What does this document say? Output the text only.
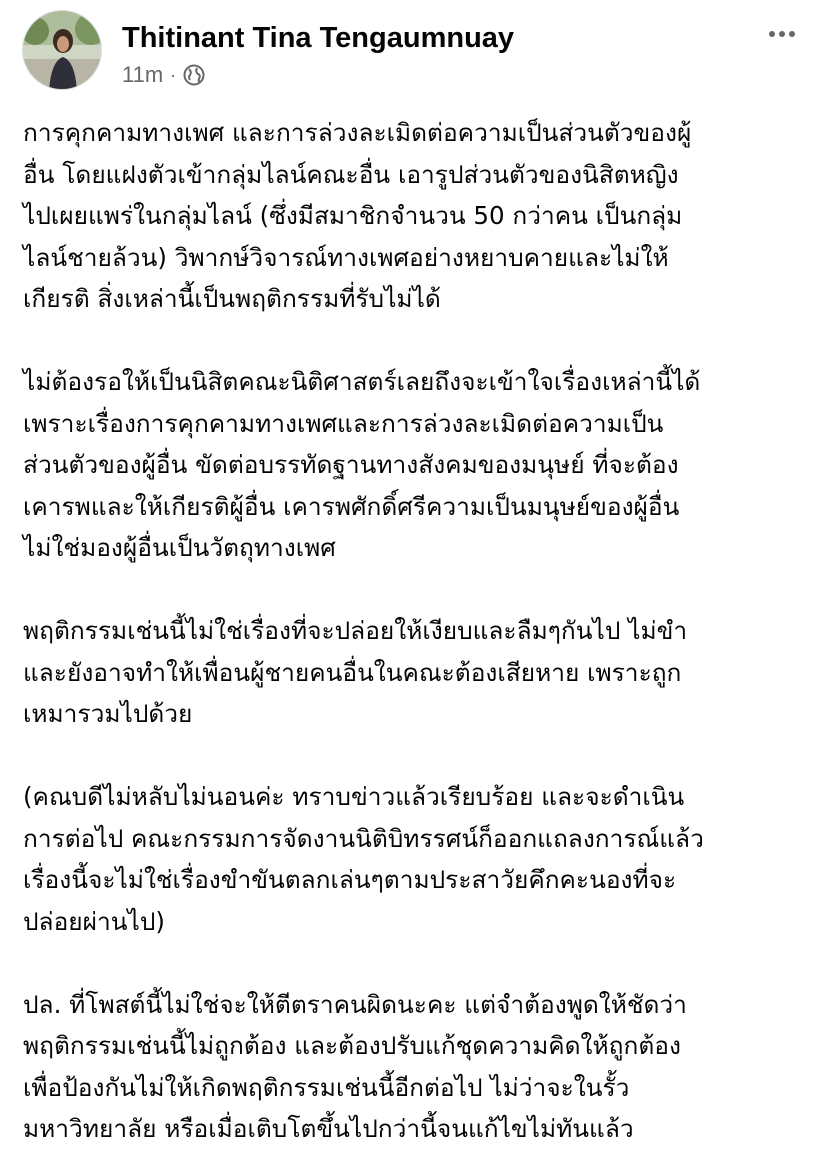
Thitinant Tina Tengaumnuay
11m ·

การคุกคามทางเพศ และการล่วงละเมิดต่อความเป็นส่วนตัวของผู้
อื่น โดยแฝงตัวเข้ากลุ่มไลน์คณะอื่น เอารูปส่วนตัวของนิสิตหญิง
ไปเผยแพร่ในกลุ่มไลน์ (ซึ่งมีสมาชิกจำนวน 50 กว่าคน เป็นกลุ่ม
ไลน์ชายล้วน) วิพากษ์วิจารณ์ทางเพศอย่างหยาบคายและไม่ให้
เกียรติ สิ่งเหล่านี้เป็นพฤติกรรมที่รับไม่ได้

ไม่ต้องรอให้เป็นนิสิตคณะนิติศาสตร์เลยถึงจะเข้าใจเรื่องเหล่านี้ได้
เพราะเรื่องการคุกคามทางเพศและการล่วงละเมิดต่อความเป็น
ส่วนตัวของผู้อื่น ขัดต่อบรรทัดฐานทางสังคมของมนุษย์ ที่จะต้อง
เคารพและให้เกียรติผู้อื่น เคารพศักดิ์ศรีความเป็นมนุษย์ของผู้อื่น
ไม่ใช่มองผู้อื่นเป็นวัตถุทางเพศ

พฤติกรรมเช่นนี้ไม่ใช่เรื่องที่จะปล่อยให้เงียบและลืมๆกันไป ไม่ขำ
และยังอาจทำให้เพื่อนผู้ชายคนอื่นในคณะต้องเสียหาย เพราะถูก
เหมารวมไปด้วย

(คณบดีไม่หลับไม่นอนค่ะ ทราบข่าวแล้วเรียบร้อย และจะดำเนิน
การต่อไป คณะกรรมการจัดงานนิติบิทรรศน์ก็ออกแถลงการณ์แล้ว
เรื่องนี้จะไม่ใช่เรื่องขำขันตลกเล่นๆตามประสาวัยคึกคะนองที่จะ
ปล่อยผ่านไป)

ปล. ที่โพสต์นี้ไม่ใช่จะให้ตีตราคนผิดนะคะ แต่จำต้องพูดให้ชัดว่า
พฤติกรรมเช่นนี้ไม่ถูกต้อง และต้องปรับแก้ชุดความคิดให้ถูกต้อง
เพื่อป้องกันไม่ให้เกิดพฤติกรรมเช่นนี้อีกต่อไป ไม่ว่าจะในรั้ว
มหาวิทยาลัย หรือเมื่อเติบโตขึ้นไปกว่านี้จนแก้ไขไม่ทันแล้ว
